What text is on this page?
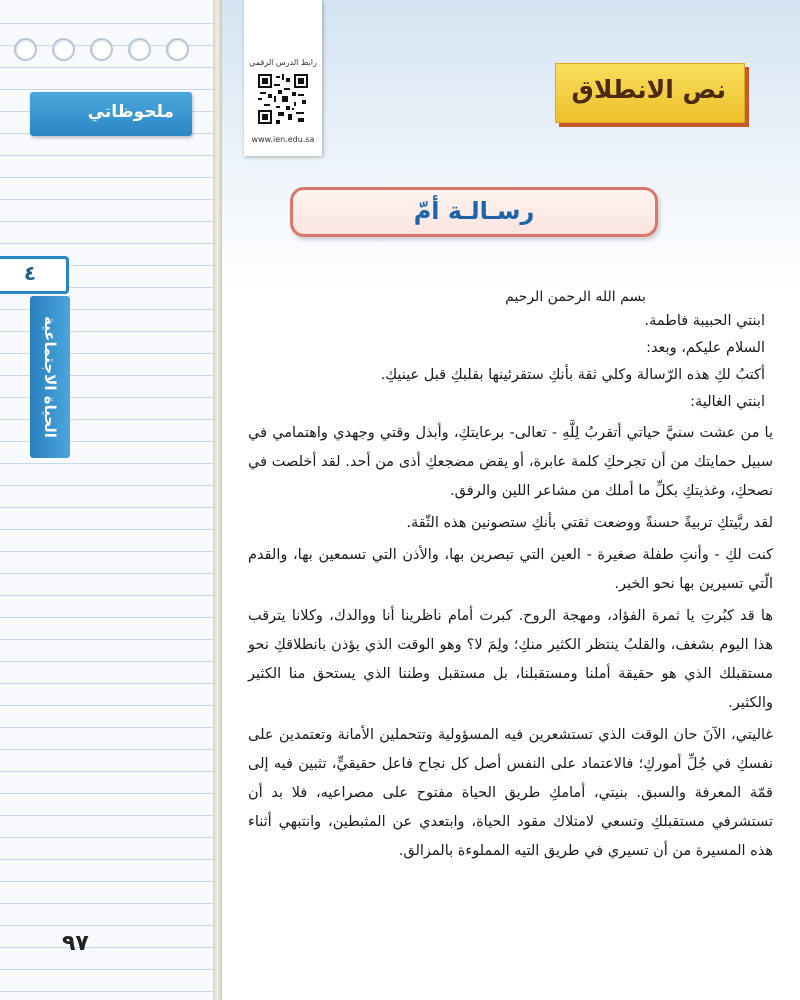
ملحوظاتي
٤
الحياة الاجتماعية
٩٧
رابط الدرس الرقمي
www.ien.edu.sa
نص الانطلاق
رسـالـة أمّ
بسم الله الرحمن الرحيم
ابنتي الحبيبة فاطمة.
السلام عليكم، وبعد:
أكتبُ لكِ هذه الرّسالة وكلي ثقة بأنكِ ستقرئينها بقلبكِ قبل عينيكِ.
ابنتي الغالية:
يا من عشت سنيَّ حياتي أتقربُ لِلَّهِ - تعالى- برعايتكِ، وأبذل وقتي وجهدي واهتمامي في سبيل حمايتك من أن تجرحكِ كلمة عابرة، أو يقض مضجعكِ أذى من أحد. لقد أخلصت في نصحكِ، وغذيتكِ بكلِّ ما أملك من مشاعر اللين والرفق.
لقد ربَّيتكِ تربيةً حسنةً ووضعت ثقتي بأنكِ ستصونين هذه الثّقة.
كنت لكِ - وأنتِ طفلة صغيرة - العين التي تبصرين بها، والأذن التي تسمعين بها، والقدم الّتي تسيرين بها نحو الخير.
ها قد كبُرتِ يا ثمرة الفؤاد، ومهجة الروح. كبرت أمام ناظرينا أنا ووالدك، وكلانا يترقب هذا اليوم بشغف، والقلبُ ينتظر الكثير منكِ؛ ولِمَ لا؟ وهو الوقت الذي يؤذن بانطلاقكِ نحو مستقبلك الذي هو حقيقة أملنا ومستقبلنا، بل مستقبل وطننا الذي يستحق منا الكثير والكثير.
غاليتي، الآنَ حان الوقت الذي تستشعرين فيه المسؤولية وتتحملين الأمانة وتعتمدين على نفسكِ في جُلِّ أموركِ؛ فالاعتماد على النفس أصل كل نجاح فاعل حقيقيٍّ، تثبين فيه إلى قمّة المعرفة والسبق. بنيتي، أمامكِ طريق الحياة مفتوح على مصراعيه، فلا بد أن تستشرفي مستقبلكِ وتسعي لامتلاك مقود الحياة، وابتعدي عن المثبطين، وانتبهي أثناء هذه المسيرة من أن تسيري في طريق التيه المملوءة بالمزالق.
